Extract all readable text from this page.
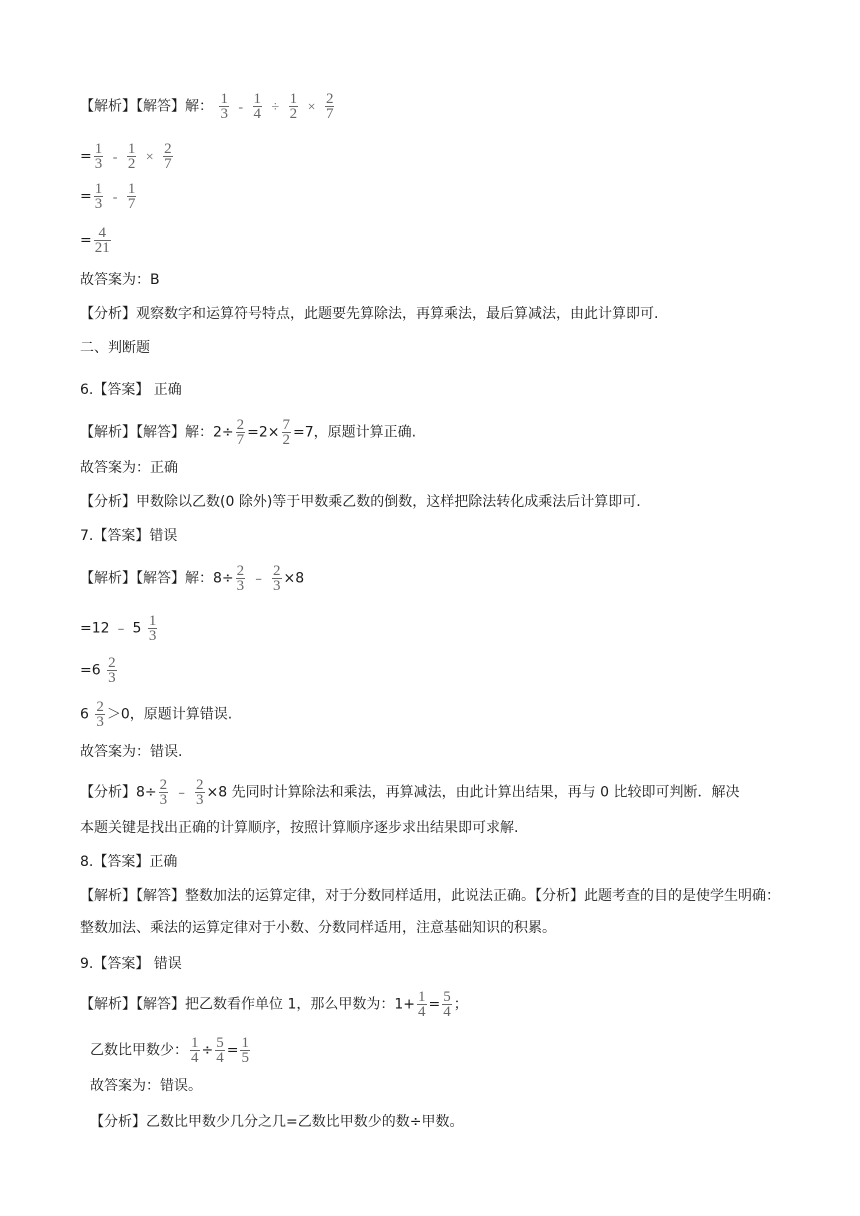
【解析】【解答】解： $\frac{1}{3} - \frac{1}{4} \div \frac{1}{2} \times \frac{2}{7}$
= $\frac{1}{3} - \frac{1}{2} \times \frac{2}{7}$
= $\frac{1}{3} - \frac{1}{7}$
= $\frac{4}{21}$
故答案为：B
【分析】观察数字和运算符号特点，此题要先算除法，再算乘法，最后算减法，由此计算即可.
二、判断题
6.【答案】 正确
【解析】【解答】解：$2\div \frac{2}{7} =2\times \frac{7}{2} =7$，原题计算正确.
故答案为：正确
【分析】甲数除以乙数(0 除外)等于甲数乘乙数的倒数，这样把除法转化成乘法后计算即可.
7.【答案】错误
【解析】【解答】解：$8\div \frac{2}{3}$ ﹣ $\frac{2}{3} \times 8$
=12 ﹣ $5 \frac{1}{3}$
$=6 \frac{2}{3}$
$6 \frac{2}{3} >0$，原题计算错误.
故答案为：错误.
【分析】$8\div \frac{2}{3}$ ﹣ $\frac{2}{3} \times 8$ 先同时计算除法和乘法，再算减法，由此计算出结果，再与 0 比较即可判断．解决
本题关键是找出正确的计算顺序，按照计算顺序逐步求出结果即可求解.
8.【答案】正确
【解析】【解答】整数加法的运算定律，对于分数同样适用，此说法正确。【分析】此题考查的目的是使学生明确：整数加法、乘法的运算定律对于小数、分数同样适用，注意基础知识的积累。
9.【答案】 错误
【解析】【解答】把乙数看作单位 1，那么甲数为：$1+ \frac{1}{4} = \frac{5}{4}$ ；
乙数比甲数少： $\frac{1}{4} \div \frac{5}{4} = \frac{1}{5}$
故答案为：错误。
【分析】乙数比甲数少几分之几=乙数比甲数少的数÷甲数。
